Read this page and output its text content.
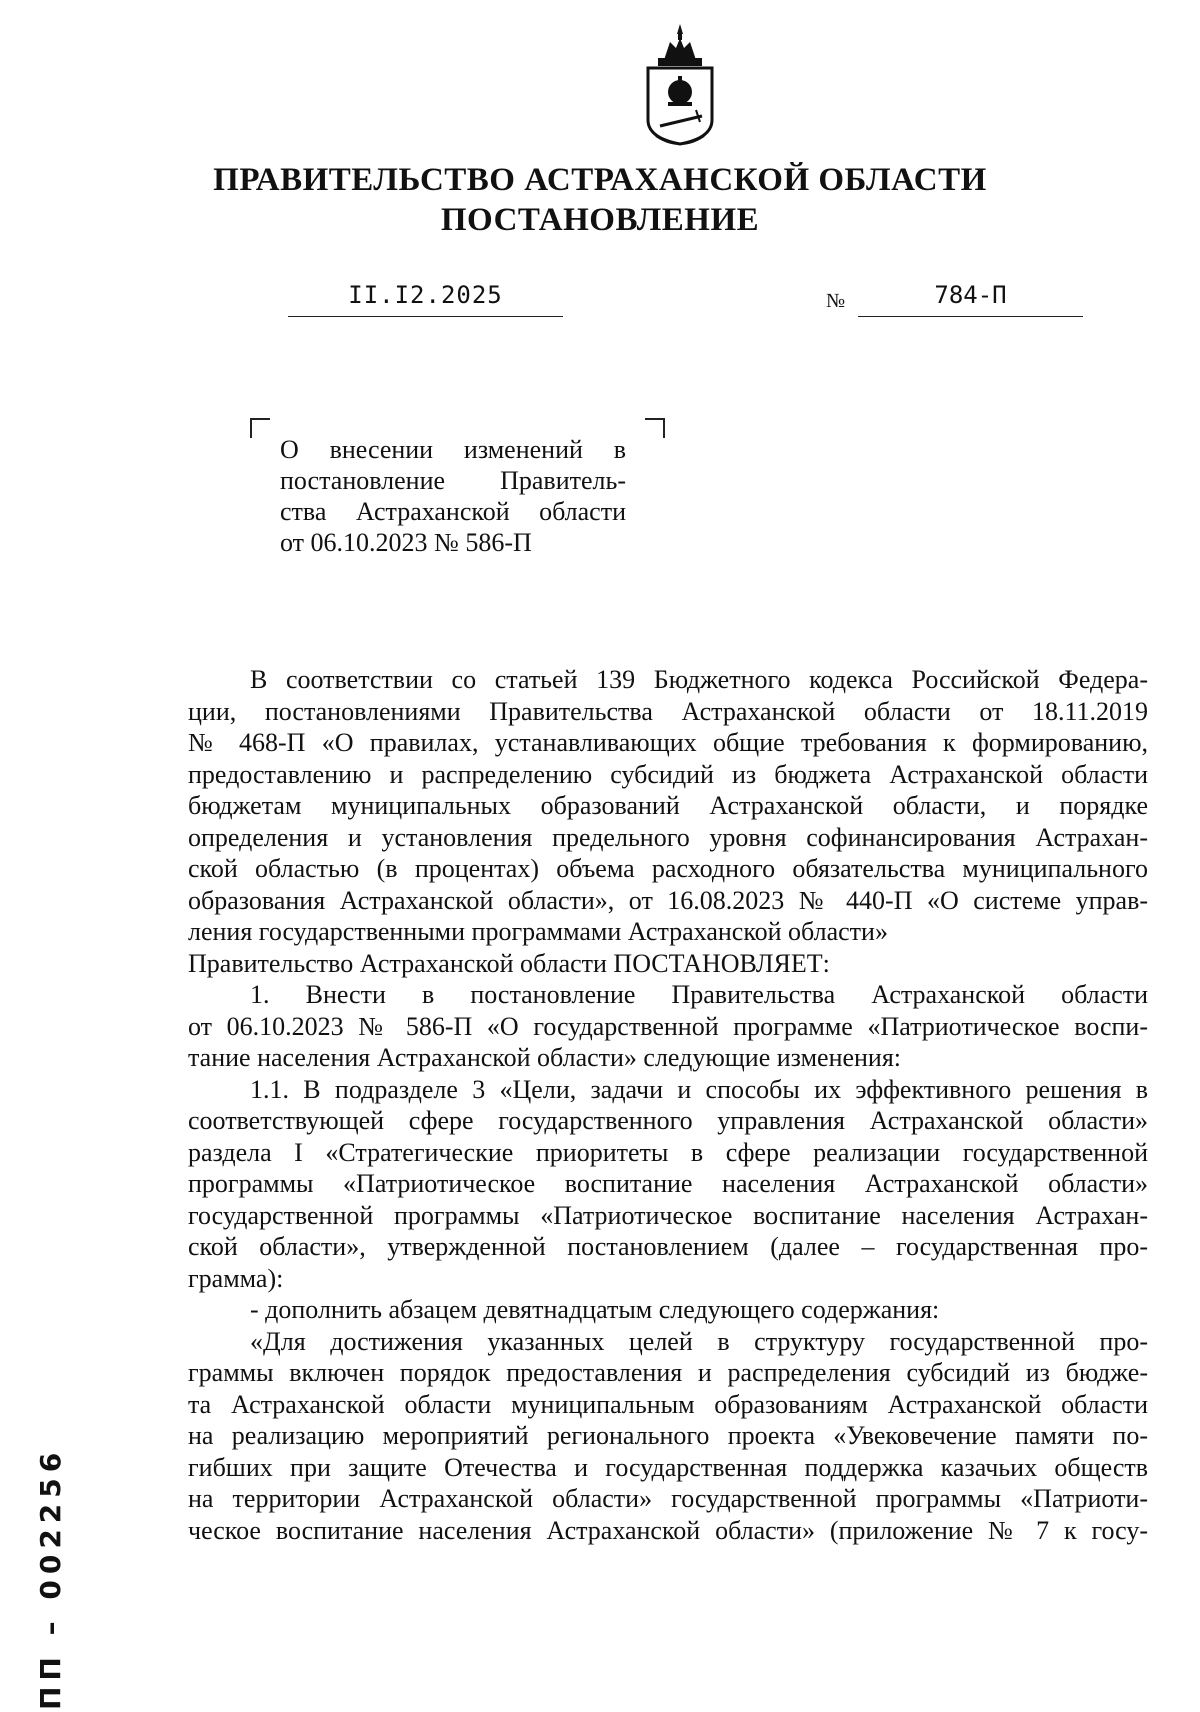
ПРАВИТЕЛЬСТВО АСТРАХАНСКОЙ ОБЛАСТИ
ПОСТАНОВЛЕНИЕ
II.I2.2025	№	784-П
О внесении изменений в
постановление Правитель-
ства Астраханской области
от 06.10.2023 № 586-П
В соответствии со статьей 139 Бюджетного кодекса Российской Федера-
ции, постановлениями Правительства Астраханской области от 18.11.2019
№ 468-П «О правилах, устанавливающих общие требования к формированию,
предоставлению и распределению субсидий из бюджета Астраханской области
бюджетам муниципальных образований Астраханской области, и порядке
определения и установления предельного уровня софинансирования Астрахан-
ской областью (в процентах) объема расходного обязательства муниципального
образования Астраханской области», от 16.08.2023 № 440-П «О системе управ-
ления государственными программами Астраханской области»
Правительство Астраханской области ПОСТАНОВЛЯЕТ:
1. Внести в постановление Правительства Астраханской области
от 06.10.2023 № 586-П «О государственной программе «Патриотическое воспи-
тание населения Астраханской области» следующие изменения:
1.1. В подразделе 3 «Цели, задачи и способы их эффективного решения в
соответствующей сфере государственного управления Астраханской области»
раздела I «Стратегические приоритеты в сфере реализации государственной
программы «Патриотическое воспитание населения Астраханской области»
государственной программы «Патриотическое воспитание населения Астрахан-
ской области», утвержденной постановлением (далее – государственная про-
грамма):
- дополнить абзацем девятнадцатым следующего содержания:
«Для достижения указанных целей в структуру государственной про-
граммы включен порядок предоставления и распределения субсидий из бюдже-
та Астраханской области муниципальным образованиям Астраханской области
на реализацию мероприятий регионального проекта «Увековечение памяти по-
гибших при защите Отечества и государственная поддержка казачьих обществ
на территории Астраханской области» государственной программы «Патриоти-
ческое воспитание населения Астраханской области» (приложение № 7 к госу-
ПП – 002256
